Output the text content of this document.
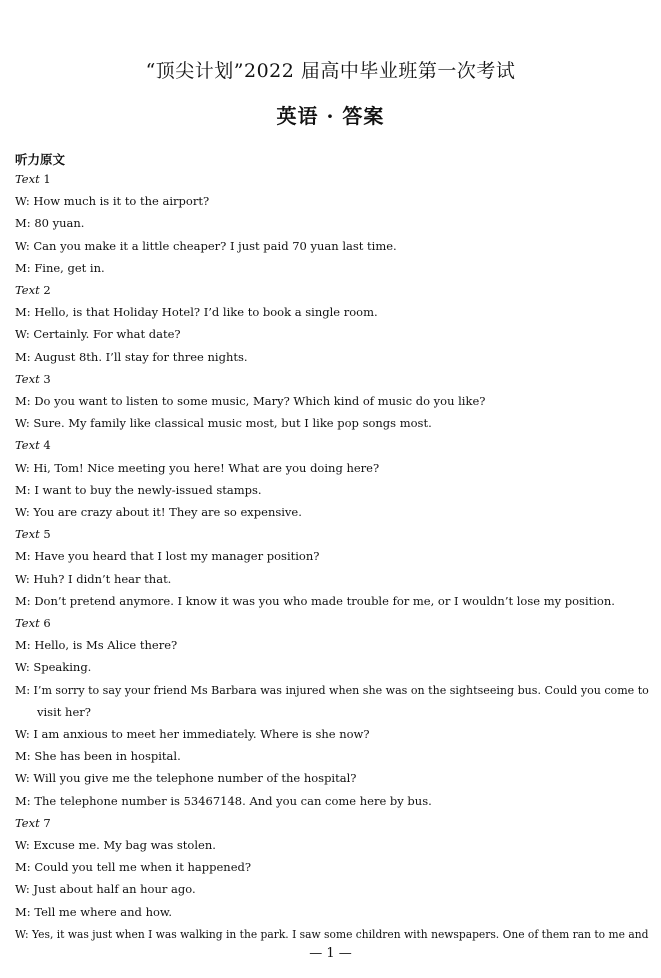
“顶尖计划”2022 届高中毕业班第一次考试
英语 · 答案
听力原文
Text 1
W: How much is it to the airport?
M: 80 yuan.
W: Can you make it a little cheaper? I just paid 70 yuan last time.
M: Fine, get in.
Text 2
M: Hello, is that Holiday Hotel? I’d like to book a single room.
W: Certainly. For what date?
M: August 8th. I’ll stay for three nights.
Text 3
M: Do you want to listen to some music, Mary? Which kind of music do you like?
W: Sure. My family like classical music most, but I like pop songs most.
Text 4
W: Hi, Tom! Nice meeting you here! What are you doing here?
M: I want to buy the newly-issued stamps.
W: You are crazy about it! They are so expensive.
Text 5
M: Have you heard that I lost my manager position?
W: Huh? I didn’t hear that.
M: Don’t pretend anymore. I know it was you who made trouble for me, or I wouldn’t lose my position.
Text 6
M: Hello, is Ms Alice there?
W: Speaking.
M: I’m sorry to say your friend Ms Barbara was injured when she was on the sightseeing bus. Could you come to
visit her?
W: I am anxious to meet her immediately. Where is she now?
M: She has been in hospital.
W: Will you give me the telephone number of the hospital?
M: The telephone number is 53467148. And you can come here by bus.
Text 7
W: Excuse me. My bag was stolen.
M: Could you tell me when it happened?
W: Just about half an hour ago.
M: Tell me where and how.
W: Yes, it was just when I was walking in the park. I saw some children with newspapers. One of them ran to me and
— 1 —
